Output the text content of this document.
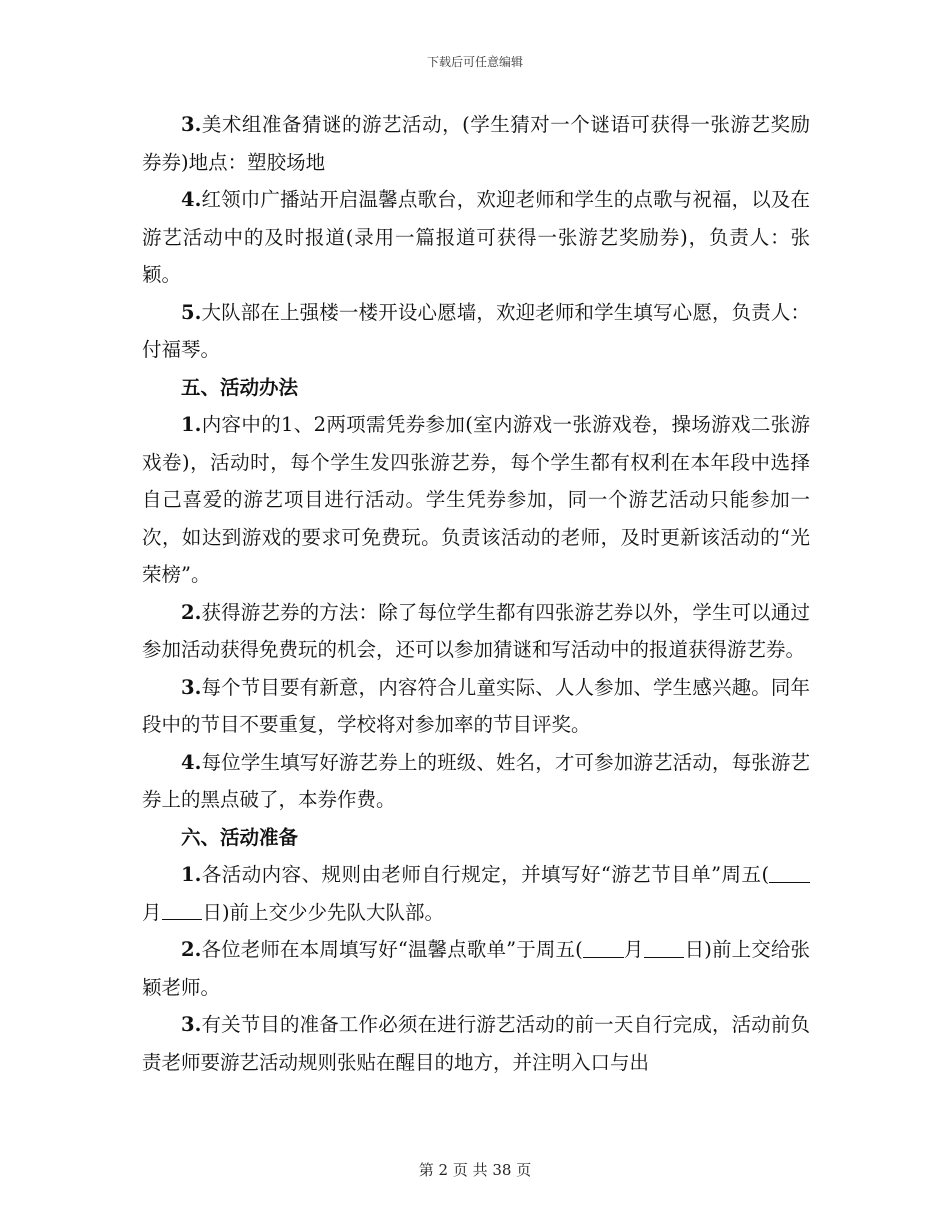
下载后可任意编辑

3.美术组准备猜谜的游艺活动，(学生猜对一个谜语可获得一张游艺奖励券券)地点：塑胶场地

4.红领巾广播站开启温馨点歌台，欢迎老师和学生的点歌与祝福，以及在游艺活动中的及时报道(录用一篇报道可获得一张游艺奖励券)，负责人：张颖。

5.大队部在上强楼一楼开设心愿墙，欢迎老师和学生填写心愿，负责人：付福琴。

五、活动办法

1.内容中的1、2两项需凭券参加(室内游戏一张游戏卷，操场游戏二张游戏卷)，活动时，每个学生发四张游艺券，每个学生都有权利在本年段中选择自己喜爱的游艺项目进行活动。学生凭券参加，同一个游艺活动只能参加一次，如达到游戏的要求可免费玩。负责该活动的老师，及时更新该活动的“光荣榜”。

2.获得游艺券的方法：除了每位学生都有四张游艺券以外，学生可以通过参加活动获得免费玩的机会，还可以参加猜谜和写活动中的报道获得游艺券。

3.每个节目要有新意，内容符合儿童实际、人人参加、学生感兴趣。同年段中的节目不要重复，学校将对参加率的节目评奖。

4.每位学生填写好游艺券上的班级、姓名，才可参加游艺活动，每张游艺券上的黑点破了，本券作费。

六、活动准备

1.各活动内容、规则由老师自行规定，并填写好“游艺节目单”周五(月 日)前上交少少先队大队部。

2.各位老师在本周填写好“温馨点歌单”于周五( 月 日)前上交给张颖老师。

3.有关节目的准备工作必须在进行游艺活动的前一天自行完成，活动前负责老师要游艺活动规则张贴在醒目的地方，并注明入口与出

第 2 页 共 38 页
